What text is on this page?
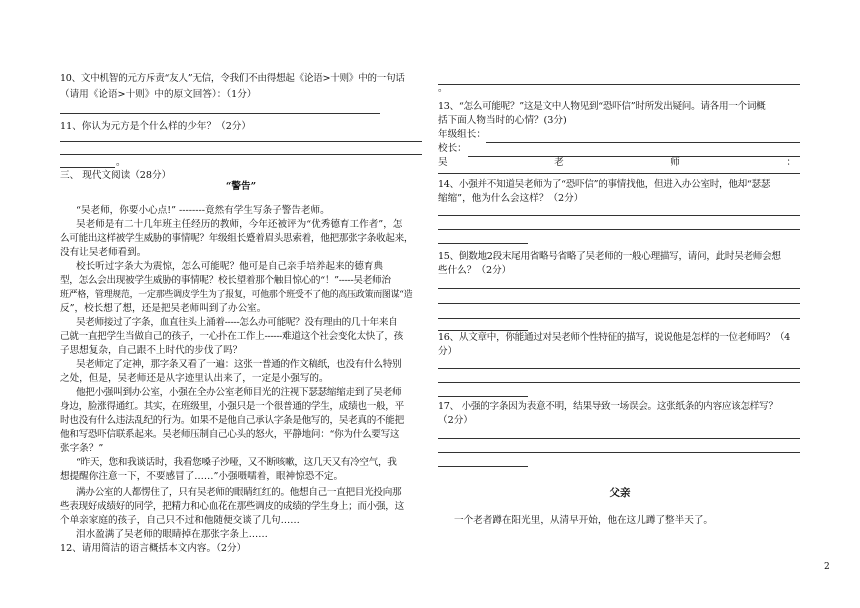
10、文中机智的元方斥责“友人”无信，令我们不由得想起《论语>十则》中的一句话
（请用《论语>十则》中的原文回答）：（1分）
11、你认为元方是个什么样的少年？（2分）
。
三、 现代文阅读（28分）
“警告”
“吴老师，你要小心点!” --------竟然有学生写条子警告老师。
吴老师是有二十几年班主任经历的教师，今年还被评为“优秀德育工作者”，怎
么可能出这样被学生威胁的事情呢？年级组长蹙着眉头思索着，他把那张字条收起来，
没有让吴老师看到。
校长听过字条大为震惊，怎么可能呢？他可是自己亲手培养起来的德育典
型，怎么会出现被学生威胁的事情呢？校长望着那个触目惊心的“！”-----吴老师治
班严格，管理规范，一定那些调皮学生为了报复，可他那个班受不了他的高压政策而图谋“造
反”，校长想了想，还是把吴老师叫到了办公室。
吴老师接过了字条，血直往头上涌着-----怎么办可能呢？没有理由的几十年来自
己就一直把学生当做自己的孩子，一心扑在工作上------难道这个社会变化太快了，孩
子思想复杂，自己跟不上时代的步伐了吗？
吴老师定了定神，那字条又看了一遍：这张一普通的作文稿纸，也没有什么特别
之处，但是，吴老师还是从字迹里认出来了，一定是小强写的。
他把小强叫到办公室，小强在全办公室老师目光的注视下瑟瑟缩缩走到了吴老师
身边，脸涨得通红。其实，在班级里，小强只是一个很普通的学生，成绩也一般，平
时也没有什么违法乱纪的行为。如果不是他自己承认字条是他写的，吴老真的不能把
他和写恐吓信联系起来。吴老师压制自己心头的怒火，平静地问：“你为什么要写这
张字条？”
“昨天，您和我谈话时，我看您嗓子沙哑，又不断咳嗽，这几天又有冷空气，我
想提醒你注意一下，不要感冒了……”小强嗫嚅着，眼神惊恐不定。
满办公室的人都愣住了，只有吴老师的眼睛红红的。他想自己一直把目光投向那
些表现好成绩好的同学，把精力和心血花在那些调皮的成绩的学生身上；而小强，这
个单亲家庭的孩子，自己只不过和他随便交谈了几句……
泪水盈满了吴老师的眼睛掉在那张字条上……
12、请用简洁的语言概括本文内容。（2分）
。
13、“怎么可能呢？”这是文中人物见到“恐吓信”时所发出疑问。请各用一个词概
括下面人物当时的心情？(3分)
年级组长：
校长：
吴	老	师	：
14、小强并不知道吴老师为了“恐吓信”的事情找他，但进入办公室时，他却“瑟瑟
缩缩”，他为什么会这样？（2分）
15、倒数地2段末尾用省略号省略了吴老师的一般心理描写，请问，此时吴老师会想
些什么？（2分）
16、从文章中，你能通过对吴老师个性特征的描写，说说他是怎样的一位老师吗？（4
分）
17、 小强的字条因为表意不明，结果导致一场误会。这张纸条的内容应该怎样写？
（2分）
父亲
一个老者蹲在阳光里，从清早开始，他在这儿蹲了整半天了。
2
